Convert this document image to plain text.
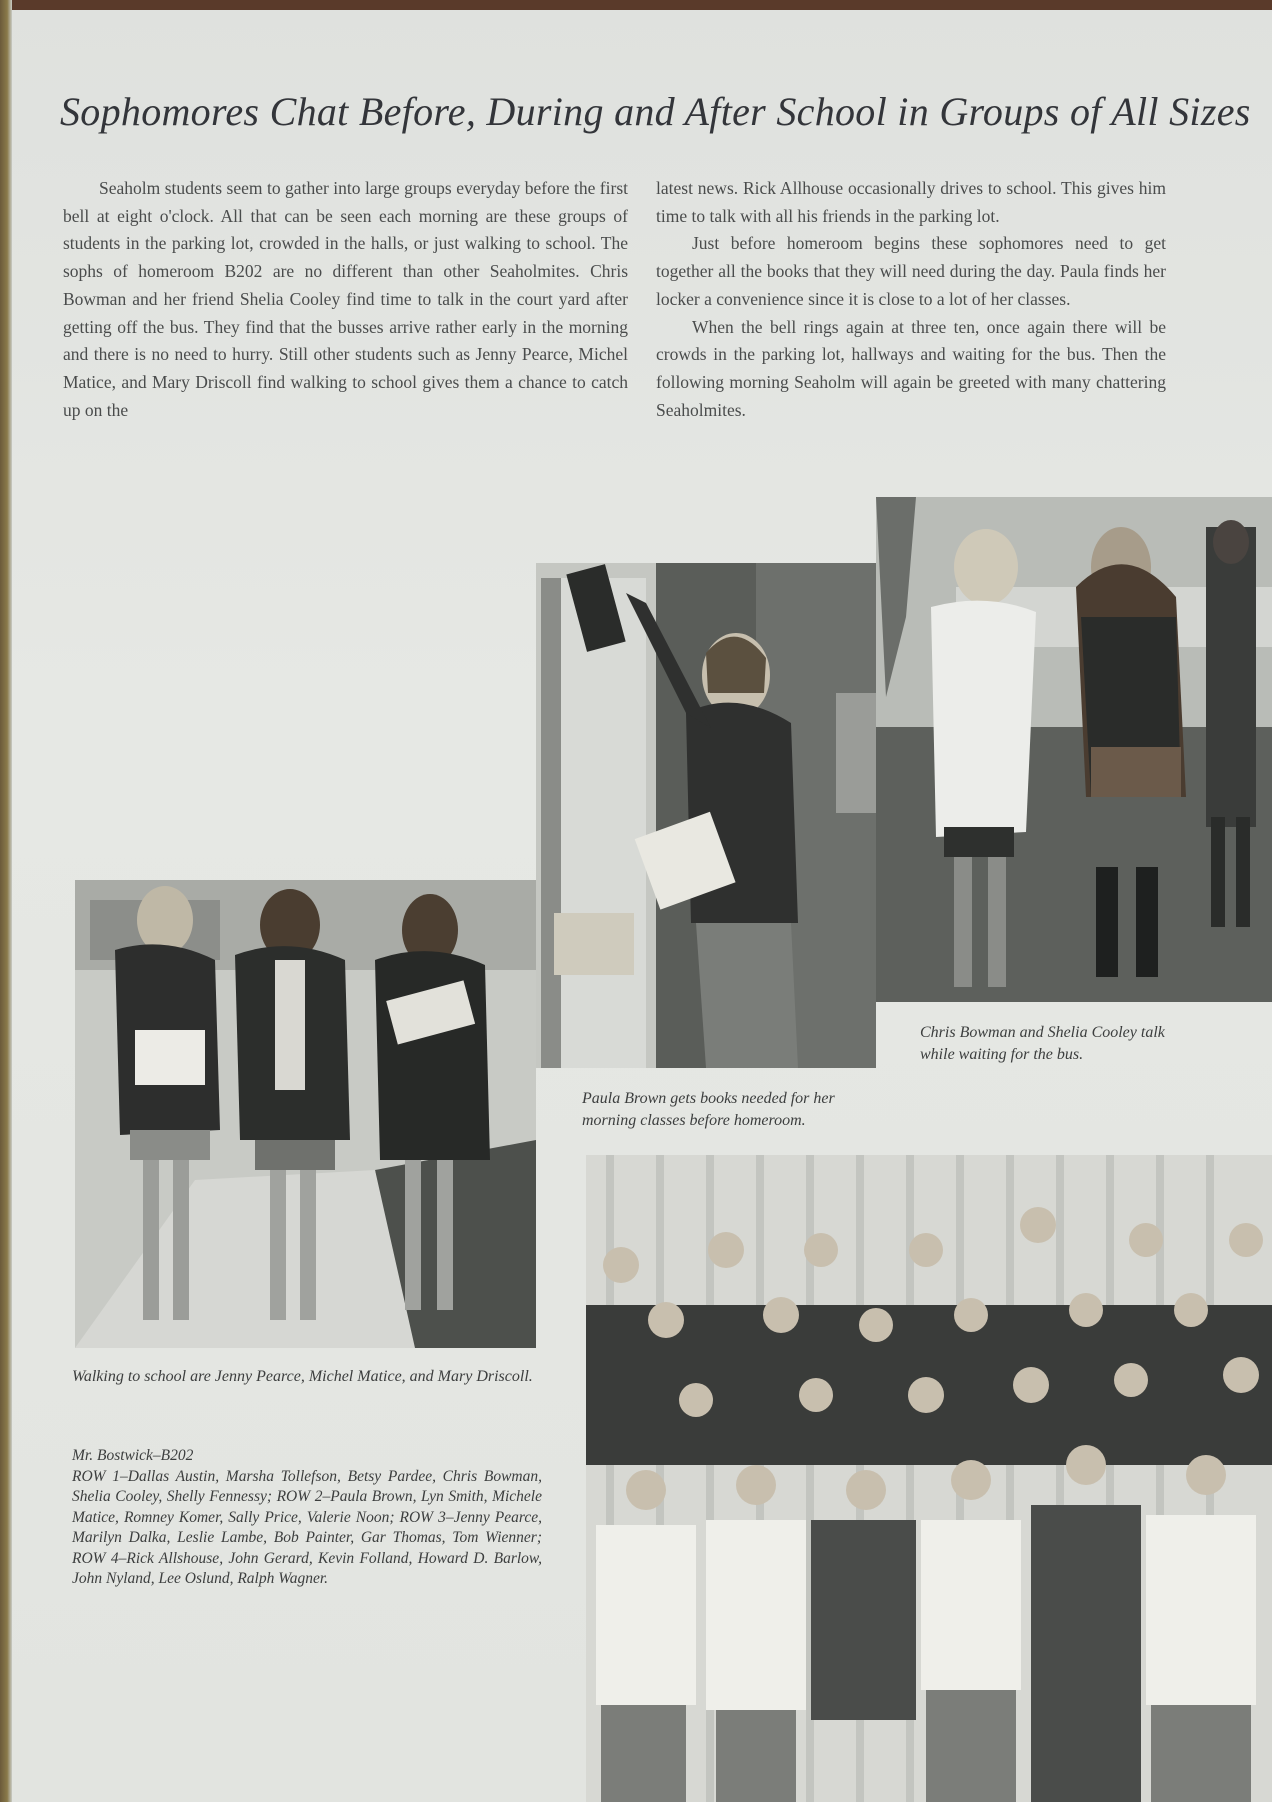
Sophomores Chat Before, During and After School in Groups of All Sizes

Seaholm students seem to gather into large groups everyday before the first bell at eight o'clock. All that can be seen each morning are these groups of students in the parking lot, crowded in the halls, or just walking to school. The sophs of homeroom B202 are no different than other Seaholmites. Chris Bowman and her friend Shelia Cooley find time to talk in the court yard after getting off the bus. They find that the busses arrive rather early in the morning and there is no need to hurry. Still other students such as Jenny Pearce, Michel Matice, and Mary Driscoll find walking to school gives them a chance to catch up on the

latest news. Rick Allhouse occasionally drives to school. This gives him time to talk with all his friends in the parking lot.

Just before homeroom begins these sophomores need to get together all the books that they will need during the day. Paula finds her locker a convenience since it is close to a lot of her classes.

When the bell rings again at three ten, once again there will be crowds in the parking lot, hallways and waiting for the bus. Then the following morning Seaholm will again be greeted with many chattering Seaholmites.

Chris Bowman and Shelia Cooley talk while waiting for the bus.
Paula Brown gets books needed for her morning classes before homeroom.
Walking to school are Jenny Pearce, Michel Matice, and Mary Driscoll.
Mr. Bostwick–B202
ROW 1–Dallas Austin, Marsha Tollefson, Betsy Pardee, Chris Bowman, Shelia Cooley, Shelly Fennessy; ROW 2–Paula Brown, Lyn Smith, Michele Matice, Romney Komer, Sally Price, Valerie Noon; ROW 3–Jenny Pearce, Marilyn Dalka, Leslie Lambe, Bob Painter, Gar Thomas, Tom Wienner; ROW 4–Rick Allshouse, John Gerard, Kevin Folland, Howard D. Barlow, John Nyland, Lee Oslund, Ralph Wagner.
